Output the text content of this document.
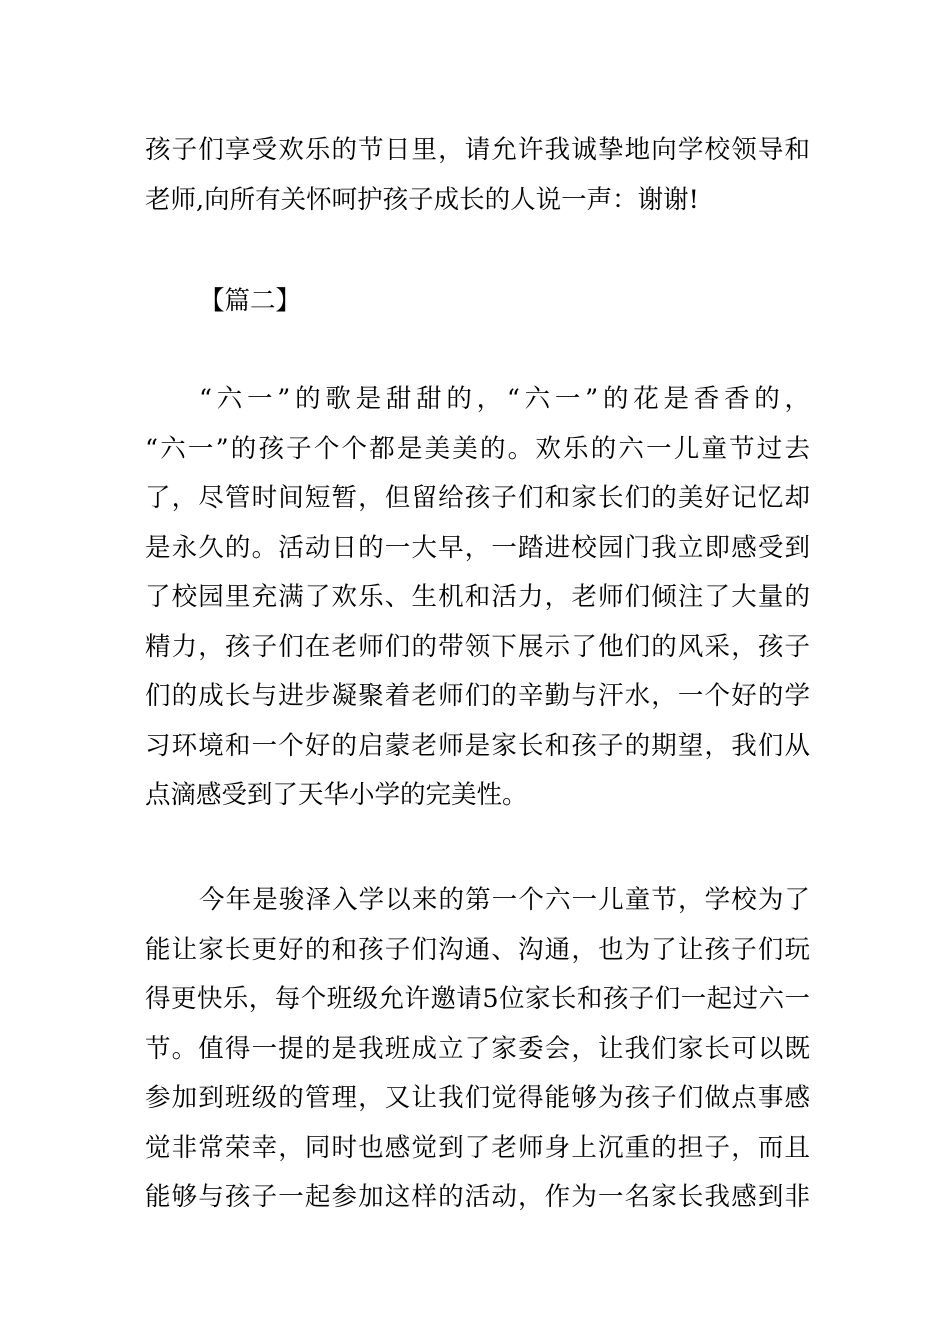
孩子们享受欢乐的节日里，请允许我诚挚地向学校领导和
老师,向所有关怀呵护孩子成长的人说一声：谢谢!
【篇二】
“六一”的歌是甜甜的，“六一”的花是香香的，
“六一”的孩子个个都是美美的。欢乐的六一儿童节过去
了，尽管时间短暂，但留给孩子们和家长们的美好记忆却
是永久的。活动日的一大早，一踏进校园门我立即感受到
了校园里充满了欢乐、生机和活力，老师们倾注了大量的
精力，孩子们在老师们的带领下展示了他们的风采，孩子
们的成长与进步凝聚着老师们的辛勤与汗水，一个好的学
习环境和一个好的启蒙老师是家长和孩子的期望，我们从
点滴感受到了天华小学的完美性。
今年是骏泽入学以来的第一个六一儿童节，学校为了
能让家长更好的和孩子们沟通、沟通，也为了让孩子们玩
得更快乐，每个班级允许邀请5位家长和孩子们一起过六一
节。值得一提的是我班成立了家委会，让我们家长可以既
参加到班级的管理，又让我们觉得能够为孩子们做点事感
觉非常荣幸，同时也感觉到了老师身上沉重的担子，而且
能够与孩子一起参加这样的活动，作为一名家长我感到非
